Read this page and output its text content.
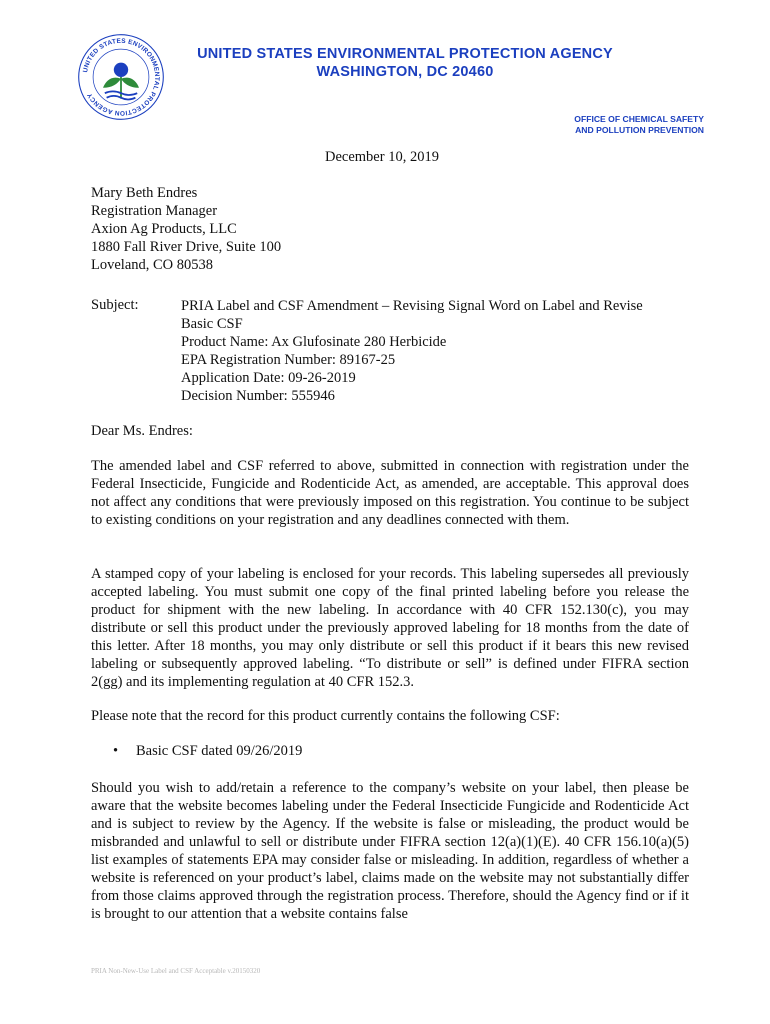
UNITED STATES ENVIRONMENTAL PROTECTION AGENCY
UNITED STATES ENVIRONMENTAL PROTECTION AGENCY
WASHINGTON, DC 20460
OFFICE OF CHEMICAL SAFETY
AND POLLUTION PREVENTION
December 10, 2019
Mary Beth Endres
Registration Manager
Axion Ag Products, LLC
1880 Fall River Drive, Suite 100
Loveland, CO 80538
Subject:	PRIA Label and CSF Amendment – Revising Signal Word on Label and Revise
Basic CSF
Product Name: Ax Glufosinate 280 Herbicide
EPA Registration Number: 89167-25
Application Date: 09-26-2019
Decision Number: 555946
Dear Ms. Endres:
The amended label and CSF referred to above, submitted in connection with registration under the Federal Insecticide, Fungicide and Rodenticide Act, as amended, are acceptable. This approval does not affect any conditions that were previously imposed on this registration. You continue to be subject to existing conditions on your registration and any deadlines connected with them.
A stamped copy of your labeling is enclosed for your records. This labeling supersedes all previously accepted labeling. You must submit one copy of the final printed labeling before you release the product for shipment with the new labeling. In accordance with 40 CFR 152.130(c), you may distribute or sell this product under the previously approved labeling for 18 months from the date of this letter. After 18 months, you may only distribute or sell this product if it bears this new revised labeling or subsequently approved labeling. “To distribute or sell” is defined under FIFRA section 2(gg) and its implementing regulation at 40 CFR 152.3.
Please note that the record for this product currently contains the following CSF:
• Basic CSF dated 09/26/2019
Should you wish to add/retain a reference to the company’s website on your label, then please be aware that the website becomes labeling under the Federal Insecticide Fungicide and Rodenticide Act and is subject to review by the Agency. If the website is false or misleading, the product would be misbranded and unlawful to sell or distribute under FIFRA section 12(a)(1)(E). 40 CFR 156.10(a)(5) list examples of statements EPA may consider false or misleading. In addition, regardless of whether a website is referenced on your product’s label, claims made on the website may not substantially differ from those claims approved through the registration process. Therefore, should the Agency find or if it is brought to our attention that a website contains false
PRIA Non-New-Use Label and CSF Acceptable v.20150320
